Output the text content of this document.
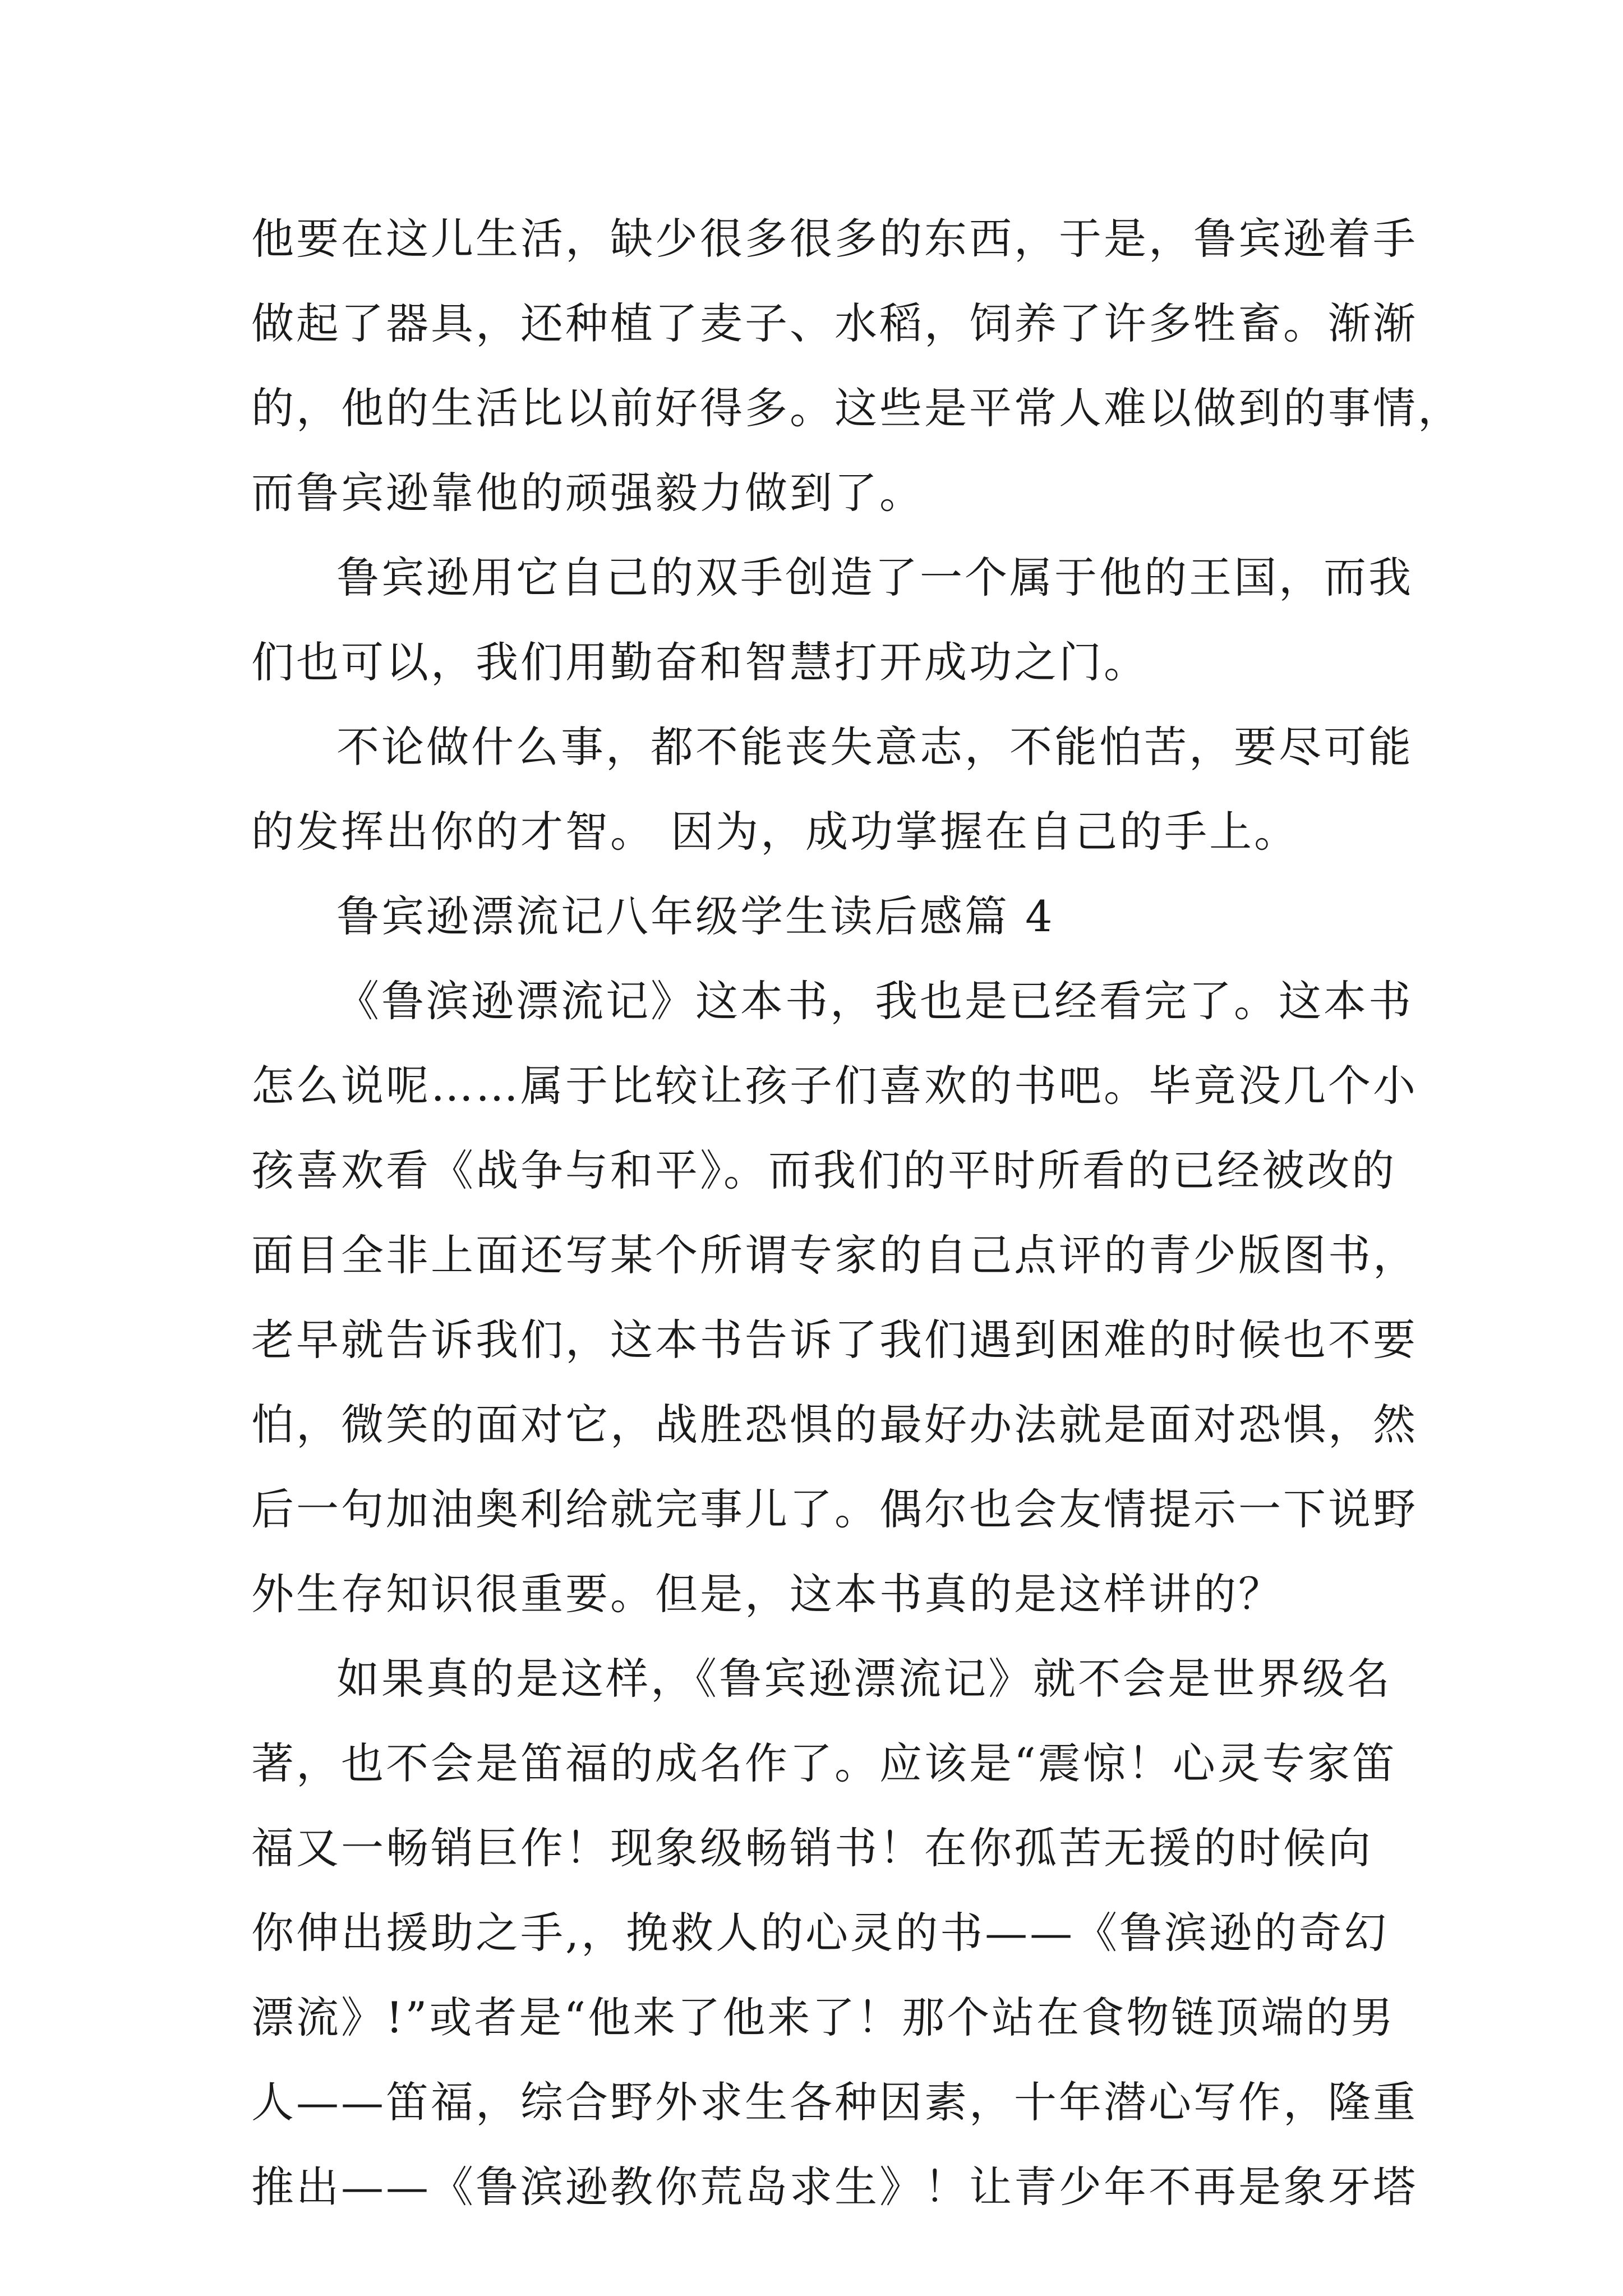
他要在这儿生活，缺少很多很多的东西，于是，鲁宾逊着手
做起了器具，还种植了麦子、水稻，饲养了许多牲畜。渐渐
的，他的生活比以前好得多。这些是平常人难以做到的事情，
而鲁宾逊靠他的顽强毅力做到了。
鲁宾逊用它自己的双手创造了一个属于他的王国，而我
们也可以，我们用勤奋和智慧打开成功之门。
不论做什么事，都不能丧失意志，不能怕苦，要尽可能
的发挥出你的才智。 因为，成功掌握在自己的手上。
鲁宾逊漂流记八年级学生读后感篇 4
《鲁滨逊漂流记》这本书，我也是已经看完了。这本书
怎么说呢……属于比较让孩子们喜欢的书吧。毕竟没几个小
孩喜欢看《战争与和平》。而我们的平时所看的已经被改的
面目全非上面还写某个所谓专家的自己点评的青少版图书，
老早就告诉我们，这本书告诉了我们遇到困难的时候也不要
怕，微笑的面对它，战胜恐惧的最好办法就是面对恐惧，然
后一句加油奥利给就完事儿了。偶尔也会友情提示一下说野
外生存知识很重要。但是，这本书真的是这样讲的？
如果真的是这样，《鲁宾逊漂流记》就不会是世界级名
著，也不会是笛福的成名作了。应该是“震惊！心灵专家笛
福又一畅销巨作！现象级畅销书！在你孤苦无援的时候向
你伸出援助之手,，挽救人的心灵的书——《鲁滨逊的奇幻
漂流》!”或者是“他来了他来了！那个站在食物链顶端的男
人——笛福，综合野外求生各种因素，十年潜心写作，隆重
推出——《鲁滨逊教你荒岛求生》！让青少年不再是象牙塔
